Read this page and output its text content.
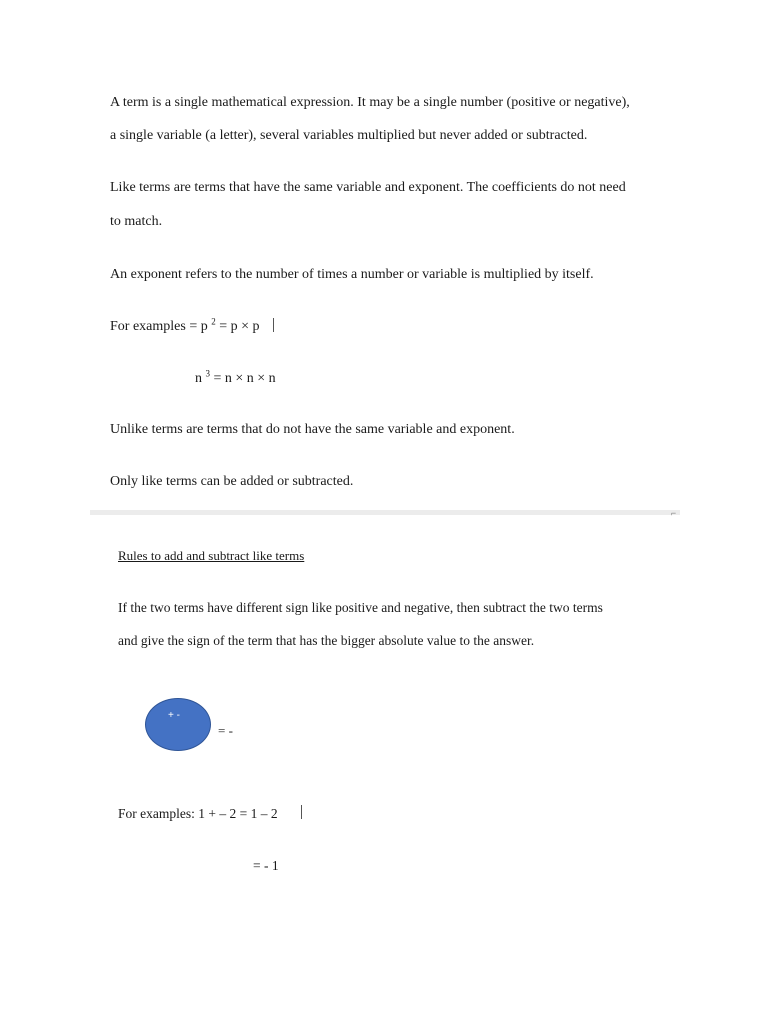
A term is a single mathematical expression. It may be a single number (positive or negative),
a single variable (a letter), several variables multiplied but never added or subtracted.
Like terms are terms that have the same variable and exponent. The coefficients do not need
to match.
An exponent refers to the number of times a number or variable is multiplied by itself.
For examples = p $^2$ = p × p
n $^3$ = n × n × n
Unlike terms are terms that do not have the same variable and exponent.
Only like terms can be added or subtracted.
⌐
Rules to add and subtract like terms
If the two terms have different sign like positive and negative, then subtract the two terms
and give the sign of the term that has the bigger absolute value to the answer.
+ -
= -
For examples: 1 + – 2 = 1 – 2
= - 1
